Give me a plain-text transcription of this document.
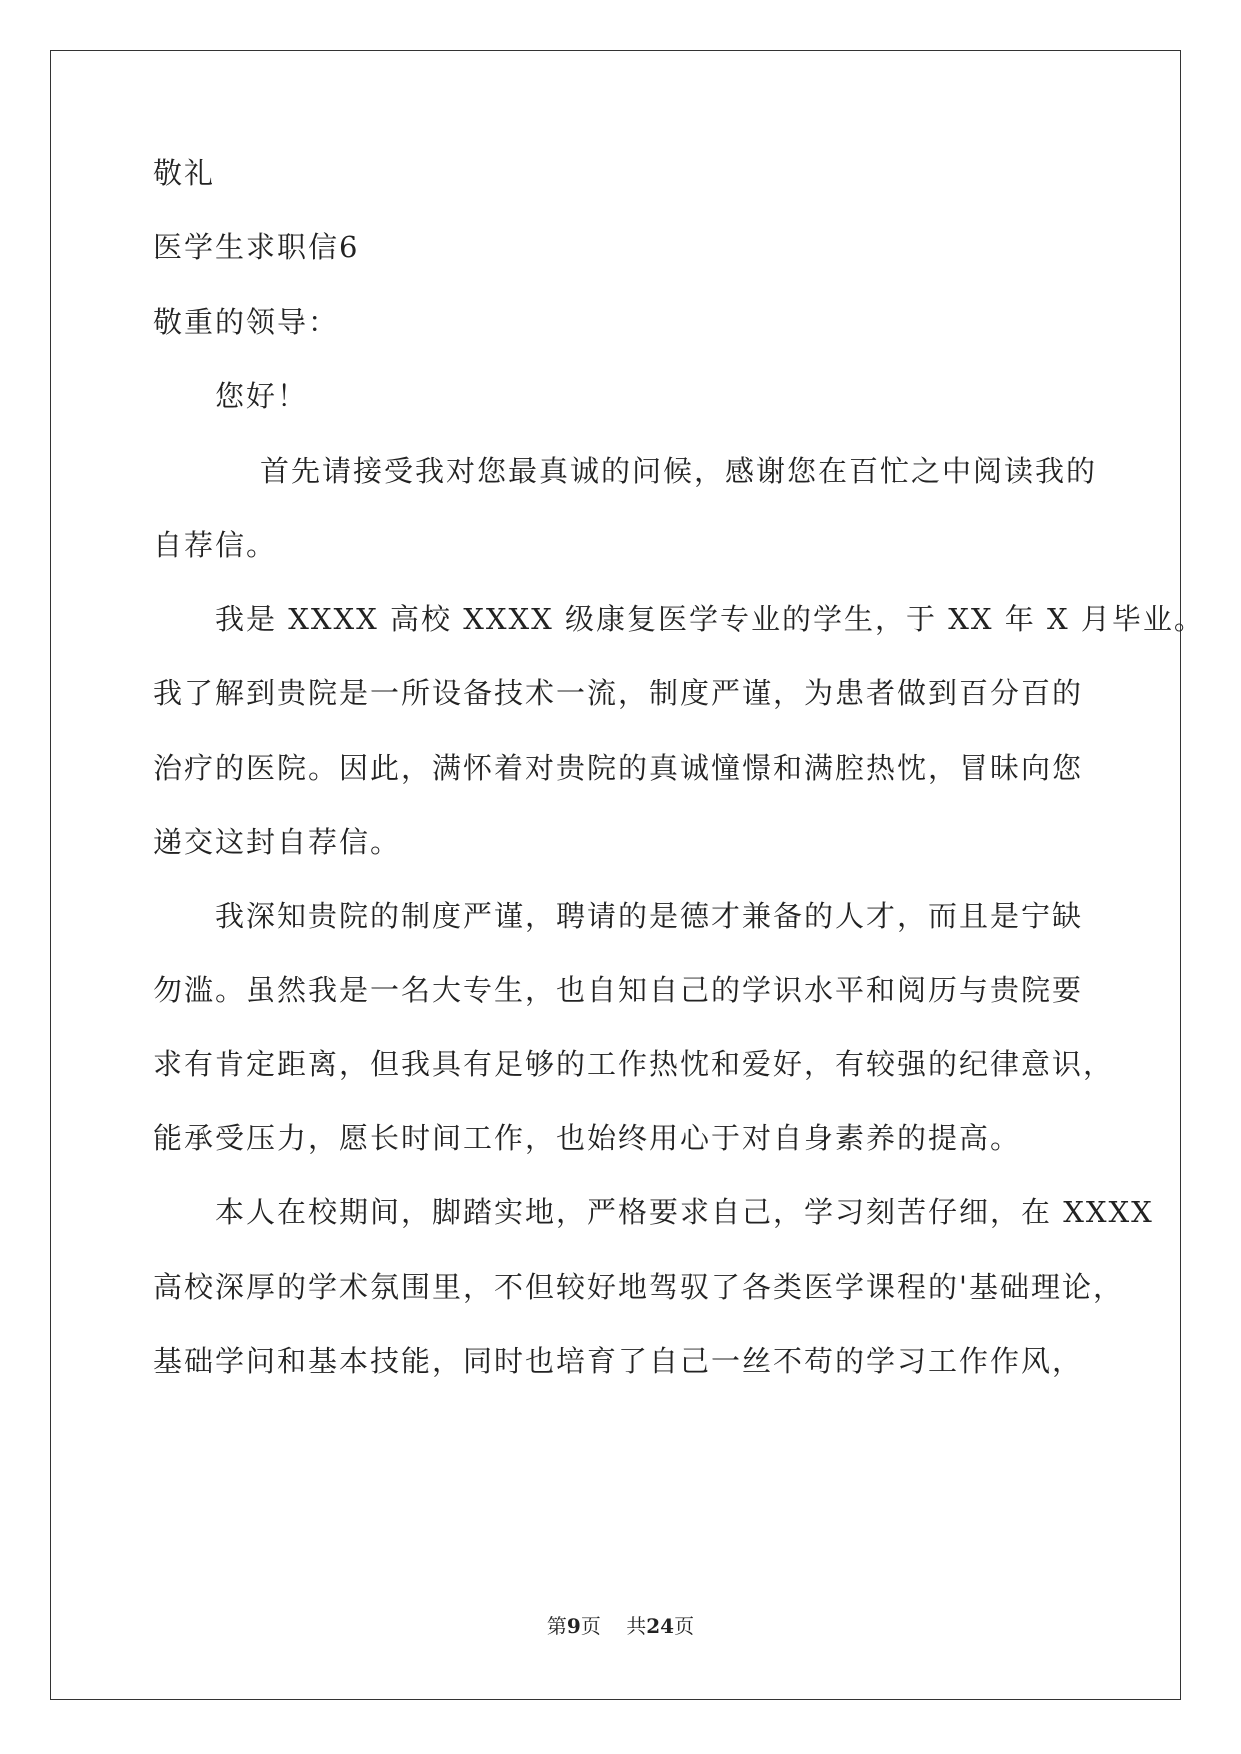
敬礼
医学生求职信6
敬重的领导：
您好！
首先请接受我对您最真诚的问候，感谢您在百忙之中阅读我的
自荐信。
我是 XXXX 高校 XXXX 级康复医学专业的学生，于 XX 年 X 月毕业。
我了解到贵院是一所设备技术一流，制度严谨，为患者做到百分百的
治疗的医院。因此，满怀着对贵院的真诚憧憬和满腔热忱，冒昧向您
递交这封自荐信。
我深知贵院的制度严谨，聘请的是德才兼备的人才，而且是宁缺
勿滥。虽然我是一名大专生，也自知自己的学识水平和阅历与贵院要
求有肯定距离，但我具有足够的工作热忱和爱好，有较强的纪律意识，
能承受压力，愿长时间工作，也始终用心于对自身素养的提高。
本人在校期间，脚踏实地，严格要求自己，学习刻苦仔细，在 XXXX
高校深厚的学术氛围里，不但较好地驾驭了各类医学课程的'基础理论，
基础学问和基本技能，同时也培育了自己一丝不苟的学习工作作风，
第9页 共24页
